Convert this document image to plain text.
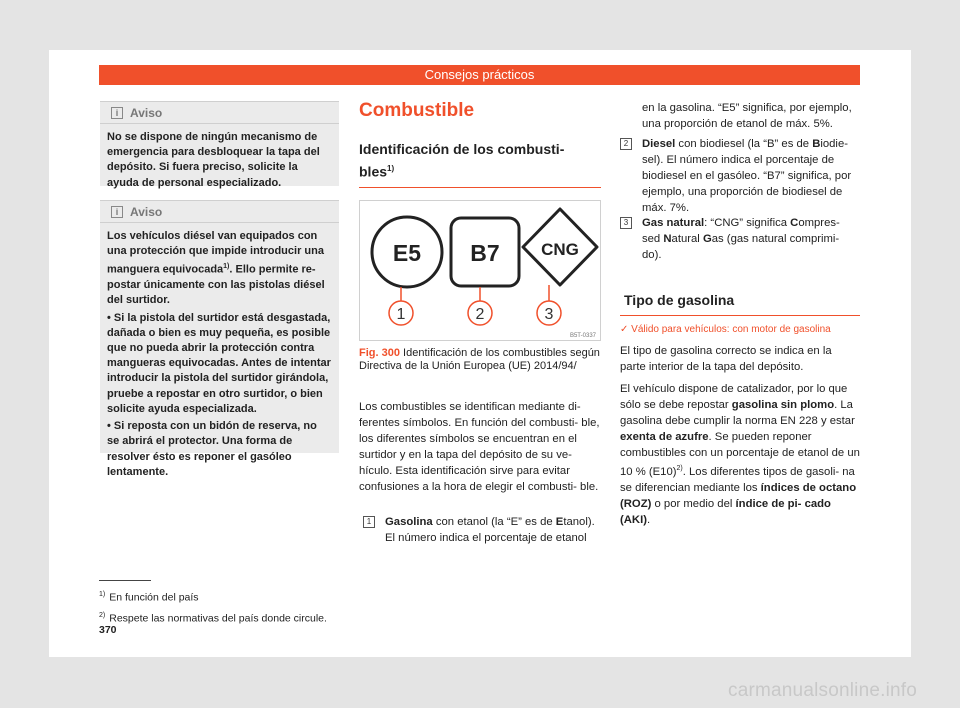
Consejos prácticos
i Aviso

No se dispone de ningún mecanismo de emergencia para desbloquear la tapa del depósito. Si fuera preciso, solicite la ayuda de personal especializado.

i Aviso

Los vehículos diésel van equipados con una protección que impide introducir una manguera equivocada$^{1)}$. Ello permite re- postar únicamente con las pistolas diésel del surtidor.

• Si la pistola del surtidor está desgastada, dañada o bien es muy pequeña, es posible que no pueda abrir la protección contra mangueras equivocadas. Antes de intentar introducir la pistola del surtidor girándola, pruebe a repostar en otro surtidor, o bien solicite ayuda especializada.

• Si reposta con un bidón de reserva, no se abrirá el protector. Una forma de resolver ésto es reponer el gasóleo lentamente.

Combustible
Identificación de los combusti- bles$^{1)}$
E5 B7 CNG
1	2	3
B5T-0337
Fig. 300 Identificación de los combustibles según Directiva de la Unión Europea (UE) 2014/94/
Los combustibles se identifican mediante di- ferentes símbolos. En función del combusti- ble, los diferentes símbolos se encuentran en el surtidor y en la tapa del depósito de su ve- hículo. Esta identificación sirve para evitar confusiones a la hora de elegir el combusti- ble.
1	Gasolina con etanol (la “E” es de Etanol). El número indica el porcentaje de etanol
en la gasolina. “E5” significa, por ejemplo, una proporción de etanol de máx. 5%.
2	Diesel con biodiesel (la “B” es de Biodie- sel). El número indica el porcentaje de biodiesel en el gasóleo. “B7” significa, por ejemplo, una proporción de biodiesel de máx. 7%.
3	Gas natural: “CNG” significa Compres- sed Natural Gas (gas natural comprimi- do).
Tipo de gasolina
✓ Válido para vehículos: con motor de gasolina

El tipo de gasolina correcto se indica en la parte interior de la tapa del depósito.

El vehículo dispone de catalizador, por lo que sólo se debe repostar gasolina sin plomo. La gasolina debe cumplir la norma EN 228 y estar exenta de azufre. Se pueden reponer combustibles con un porcentaje de etanol de un 10 % $(E10)^{2)}$. Los diferentes tipos de gasoli- na se diferencian mediante los índices de octano (ROZ) o por medio del índice de pi- cado (AKI).

$^{1)}$ En función del país
$^{2)}$ Respete las normativas del país donde circule.
370
carmanualsonline.info
